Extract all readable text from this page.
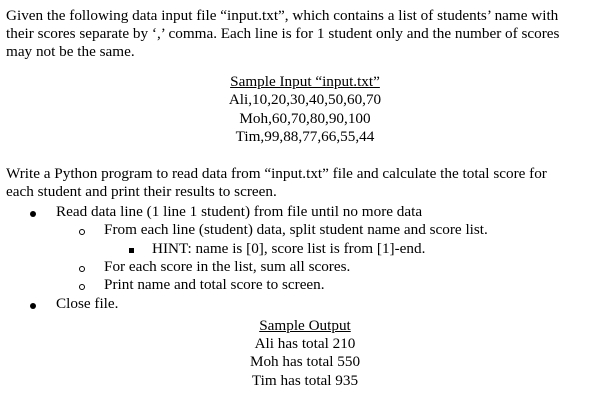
Given the following data input file “input.txt”, which contains a list of students’ name with
their scores separate by ‘,’ comma. Each line is for 1 student only and the number of scores
may not be the same.
Sample Input “input.txt”
Ali,10,20,30,40,50,60,70
Moh,60,70,80,90,100
Tim,99,88,77,66,55,44
Write a Python program to read data from “input.txt” file and calculate the total score for
each student and print their results to screen.
Read data line (1 line 1 student) from file until no more data
From each line (student) data, split student name and score list.
HINT: name is [0], score list is from [1]-end.
For each score in the list, sum all scores.
Print name and total score to screen.
Close file.
Sample Output
Ali has total 210
Moh has total 550
Tim has total 935
